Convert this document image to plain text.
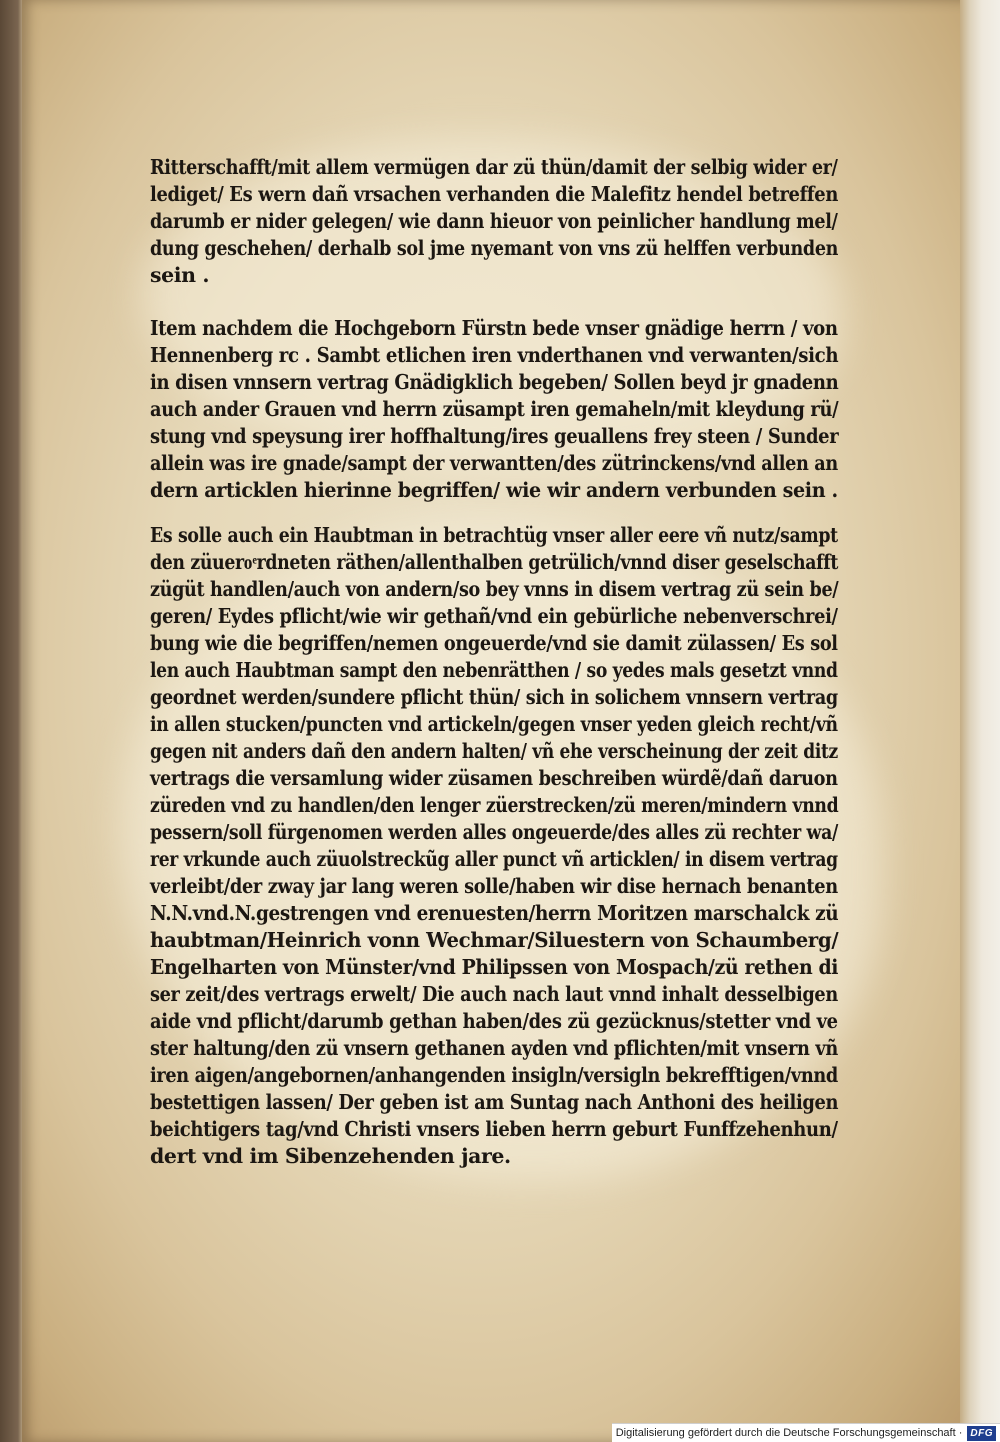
Ritterschafft/mit allem vermügen dar zü thün/damit der selbig wider er/
lediget/ Es wern dañ vrsachen verhanden die Malefitz hendel betreffen
darumb er nider gelegen/ wie dann hieuor von peinlicher handlung mel/
dung geschehen/ derhalb sol jme nyemant von vns zü helffen verbunden
sein .
Item nachdem die Hochgeborn Fürstn bede vnser gnädige herrn / von
Hennenberg rc . Sambt etlichen iren vnderthanen vnd verwanten/sich
in disen vnnsern vertrag Gnädigklich begeben/ Sollen beyd jr gnadenn
auch ander Grauen vnd herrn züsampt iren gemaheln/mit kleydung rü/
stung vnd speysung irer hoffhaltung/ires geuallens frey steen / Sunder
allein was ire gnade/sampt der verwantten/des zütrinckens/vnd allen an
dern articklen hierinne begriffen/ wie wir andern verbunden sein .
Es solle auch ein Haubtman in betrachtüg vnser aller eere vñ nutz/sampt
den züueroͤrdneten räthen/allenthalben getrülich/vnnd diser geselschafft
zügüt handlen/auch von andern/so bey vnns in disem vertrag zü sein be/
geren/ Eydes pflicht/wie wir gethañ/vnd ein gebürliche nebenverschrei/
bung wie die begriffen/nemen ongeuerde/vnd sie damit zülassen/ Es sol
len auch Haubtman sampt den nebenrätthen / so yedes mals gesetzt vnnd
geordnet werden/sundere pflicht thün/ sich in solichem vnnsern vertrag
in allen stucken/puncten vnd artickeln/gegen vnser yeden gleich recht/vñ
gegen nit anders dañ den andern halten/ vñ ehe verscheinung der zeit ditz
vertrags die versamlung wider züsamen beschreiben würdẽ/dañ daruon
züreden vnd zu handlen/den lenger züerstrecken/zü meren/mindern vnnd
pessern/soll fürgenomen werden alles ongeuerde/des alles zü rechter wa/
rer vrkunde auch züuolstreckũg aller punct vñ articklen/ in disem vertrag
verleibt/der zway jar lang weren solle/haben wir dise hernach benanten
N.N.vnd.N.gestrengen vnd erenuesten/herrn Moritzen marschalck zü
haubtman/Heinrich vonn Wechmar/Siluestern von Schaumberg/
Engelharten von Münster/vnd Philipssen von Mospach/zü rethen di
ser zeit/des vertrags erwelt/ Die auch nach laut vnnd inhalt desselbigen
aide vnd pflicht/darumb gethan haben/des zü gezücknus/stetter vnd ve
ster haltung/den zü vnsern gethanen ayden vnd pflichten/mit vnsern vñ
iren aigen/angebornen/anhangenden insigln/versigln bekrefftigen/vnnd
bestettigen lassen/ Der geben ist am Suntag nach Anthoni des heiligen
beichtigers tag/vnd Christi vnsers lieben herrn geburt Funffzehenhun/
dert vnd im Sibenzehenden jare.
Digitalisierung gefördert durch die Deutsche Forschungsgemeinschaft · DFG
